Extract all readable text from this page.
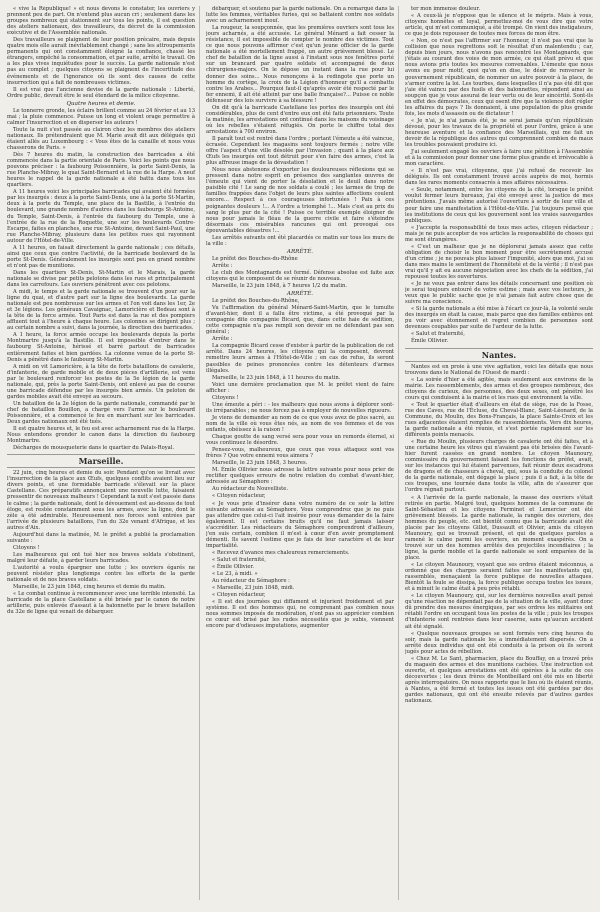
« vive la République! » et nous devons le constater, les ouvriers y prennent peu de part. On n'entend plus aucun cri ; seulement dans les groupes nombreux qui stationnent sur tous les points, il est question des ateliers nationaux, des travailleurs, du décret de la commission exécutive et de l'Assemblée nationale.

Des travailleurs se plaignent de leur position précaire, mais depuis quatre mois elle aurait inévitablement changé ; sans les attroupements permanents qui ont constamment éloigné la confiance, chassé les étrangers, empêché la consommation, et par suite, arrêté le travail. On a les plus vives inquiétudes pour le succès. La garde nationale n'est pas au complet ; quelques citoyens se plaignent de l'incertitude des événements et de l'ignorance où ils sont des causes de cette insurrection qui a fait de nombreuses victimes.

Il est vrai que l'ancienne devise de la garde nationale : Liberté, Ordre public, devrait être le seul étendard de la milice citoyenne.

Quatre heures et demie.

Le tonnerre gronde, les éclairs brillent comme au 24 février et au 13 mai ; la pluie commence. Puisse un long et violent orage permettre à calmer l'insurrection et en disperser les auteurs !

Toute la nuit s'est passée au clairon chez les membres des ateliers nationaux. Ils prétendraient que M. Marie avait dit aux délégués qui étaient allés au Luxembourg : « Vous êtes de la canaille et nous vous chasserons de Paris. »

Dès 7 heures du matin, la construction des barricades a été commencée dans la partie orientale de Paris. Voici les points que nous pouvons préciser : la faubourg Poissonnière, la porte Saint-Denis, la rue Planche-Mibray, le quai Saint-Bernard et la rue de la Harpe. A neuf heures le rappel de la garde nationale a été battu dans tous les quartiers.

A 11 heures voici les principales barricades qui avaient été formées par les insurgés : deux à la porte Saint-Denis, une à la porte St-Martin, deux à la porte du Temple, une place de la Bastille, à l'entrée du boulevard, une grande nombre d'autres dans les faubourgs St-Antoine, du Temple, Saint-Denis, à l'entrée du faubourg du Temple, une à l'entrée de la rue de la Roquette, une sur les boulevards Contre-Escarpe, faites en planches, une rue St-Antoine, devant Saint-Paul, une rue Planche-Mibray, plusieurs dans les petites rues qui rayonnent autour de l'Hôtel-de-Ville.

A 11 heures, on faisait directement la garde nationale ; ces détails, ainsi que ceux que contre l'activité, de la barricade boulevard de la porte St-Denis. Généralement les insurgés sont peu en grand nombre et n'ont pas de munitions.

Dans les quartiers St-Denis, St-Martin et le Marais, la garde nationale se divise par petits pelotons dans les rues et principalement dans les carrefours. Les ouvriers pénètrent avec ces pelotons.

A midi, le temps et la garde nationale se trouvent d'un pour sur la ligne du quai, et d'autre part sur la ligne des boulevards. La garde nationale est peu nombreuse sur les armes et l'on voit dans les 1er, 2e et 3e légions. Les généraux Cavaignac, Lamoricière et Bedeau sont à la tête de la force armée. Tout Paris est dans la rue et des pompiers affluent tout à l'heure à chaque heure. Les colonnes se dirigent plus ; au certain nombre a suivi, dans la journée, la direction des barricades.

A 1 heure, la force armée occupe les boulevards depuis la porte Montmartre jusqu'à la Bastille. Il est impossible d'entrer dans le faubourg St-Antoine, hérissé et barré partout de barricades entièrement faites et bien gardées. La colonne venue de la porte St-Denis a pénétré dans le faubourg St-Martin.

A midi on vit Lamoricière, à la tête de forts bataillons de cavalerie, d'infanterie, de garde mobile et de deux pièces d'artillerie, est venu par le boulevard renforcer les postes de la 5e légion de la garde nationale, qui, près la porte Saint-Denis, ont enlevé au pas de course une barricade défendue par les insurgés bien armés. Un peloton de gardes mobiles avait été envoyé au secours.

Un bataillon de la 2e légion de la garde nationale, commandé par le chef de bataillon Bouillon, a chargé vers l'arme sur le boulevard Poissonnière, et a commencé le feu en marchant sur les barricades. Deux gardes nationaux ont été tués.

Il est quatre heures et, le feu est avec acharnement rue de la Harpe. Nous entendons gronder le canon dans la direction du faubourg Montmartre.

Décharges de mousqueterie dans le quartier du Palais-Royal.

Marseille.

22 juin, cinq heures et demie du soir. Pendant qu'on se livrait avec l'insurrection de la place aux Œufs, quelques conflits avaient lieu sur divers points, et une formidable barricade s'élevait sur la place Castellane. Ces préparatifs annonçaient une nouvelle lutte, faisaient pressentir de nouveaux malheurs ! Cependant la nuit s'est passée dans le calme ; la garde nationale, dont le dévouement est au-dessus de tout éloge, est restée constamment sous les armes, avec la ligne, dont le zèle a été admirable. Heureusement nos forces sont entrées par l'arrivée de plusieurs bataillons, l'un du 32e venant d'Afrique, et les autres d'Aix.

Aujourd'hui dans la matinée, M. le préfet a publié la proclamation suivante :

Citoyens !

Les malheureux qui ont tué hier nos braves soldats s'obstinent, malgré leur défaite, à garder leurs barricades.

L'autorité a voulu épargner une lutte ; les ouvriers égarés ne peuvent résister plus longtemps contre les efforts de la garde nationale et de nos braves soldats.

Marseille, le 23 juin 1848, cinq heures et demie du matin.

« Le combat continue à recommencer avec une terrible intensité. La barricade de la place Castellane a été brisée par le canon de notre artillerie, puis enlevée d'assaut à la baïonnette par le brave bataillon du 32e de ligne qui venait de débarquer.

débarquer, et soutenu par la garde nationale. On a remarqué dans la lutte les femmes, véritables furies, qui se battaient contre nos soldats avec un acharnement inouï.

La rougeur, la soupçonnée, que les premières ouvriers sont tous les jours acharnés, a été accusée. Le général Ménard a fait cesser la résistance, il est impossible de compter le nombre des victimes. Tout ce que nous pouvons affirmer c'est qu'un jeune officier de la garde nationale a été mortellement frappé, un autre grièvement blessé. Le chef de bataillon de la ligne aussi à l'instant sous nos fenêtres porté sur un brancard par quatre soldats et accompagné de deux chirurgiens-majors. On le dépose un instant dans la rue pour lui donner des soins... Nous renonçons à la redingote que porte un homme du cortège, la croix de la Légion d'honneur qu'il a combattu contre les Arabes... Pourquoi faut-il qu'après avoir été respecté par le fer ennemi, il ait été atteint par une balle française?... Puisse ce noble défenseur des lois survivre à sa blessure !

On dit qu'à la barricade Castellane les portes des insurgés ont été considérables, plus de cent d'entre eux ont été faits prisonniers. Toute la matinée, les arrestations ont continué dans les maisons du voisinage où les rebelles s'étaient réfugiés. On porte le chiffre total des arrestations à 700 environ.

Il paraît tout est rentré dans l'ordre ; portant l'émeute a été vaincue, écrasée. Cependant les magasins sont toujours fermés ; notre ville offre l'aspect d'une ville désolée par l'invasion ; quant à la place aux Œufs les insurgés ont tout détruit pour s'en faire des armes, c'est la plus affreuse image de la dévastation !

Nous nous abstenons d'exporter les douloureuses réflexions qui se pressent dans notre esprit en présence des sanglantes œuvres de l'émeute qui vient de porter la désolation et le deuil dans notre paisible cité ! Le sang de nos soldats a coulé ; les larmes de trop de familles frappées dans l'objet de leurs plus saintes affections coulent encore... Respect à ces courageuses infortunées ! Paix à ces poignantes douleurs !... A l'ordre a triomphé !... Mais c'est au prix du sang le plus pur de la cité ! Puisse ce terrible exemple éloigner de nous pour jamais le fléau de la guerre civile et faire s'éteindre désormais ces misérables rancunes qui ont provoqué ces épouvantables désastres !...

Les arrêtés suivants ont été placardés ce matin sur tous les murs de la ville :

ARRÊTÉ.

Le préfet des Bouches-du-Rhône

Arrête :

Le club des Montagnards est fermé. Défense absolue est faite aux citoyens qui le composent de se réunir de nouveau.

Marseille, le 23 juin 1848, à 7 heures 1/2 du matin.

ARRÊTÉ.

Le préfet des Bouches-du-Rhône,

Vu l'affirmation du général Ménard-Saint-Martin, que le tumulte d'avant-hier, dont il a fallu être victime, a été provoqué par la compagnie dite compagnie Bicard, que, dans cette haie de sédition, cette compagnie n'a pas rempli son devoir en ne défendant pas son général ;

Arrête :

La compagnie Bicard cesse d'exister à partir de la publication de cet arrêté. Dans 24 heures, les citoyens qui la composent, devront remettre leurs armes à l'Hôtel-de-Ville ; en cas de refus, ils seront passibles de peines prononcées contre les détenteurs d'armes illégales.

Marseille, le 23 juin 1848, à 11 heures du matin.

Voici une dernière proclamation que M. le préfet vient de faire afficher :

Citoyens !

Une émeute a péri : - les malheurs que nous avons à déplorer sont-ils irréparables ; ne nous forcez pas à employer de nouvelles rigueurs.

Je viens de demander au nom de ce que vous avez de plus sacré, au nom de la ville où vous êtes nés, au nom de vos femmes et de vos enfants, obéissez à la raison !

Chaque goutte de sang versé sera pour vous un remords éternel, si vous continuez le désordre.

Pensez-vous, malheureux, que ceux que vous attaquez sont vos frères ? Que votre ennemi vous aimera ?

Marseille, le 23 juin 1848, 3 heures.

M. Émile Ollivier nous adresse la lettre suivante pour nous prier de rectifier quelques erreurs de notre relation du combat d'avant-hier, adressée au Sémaphore :

Au rédacteur du Nouvelliste.

« Citoyen rédacteur,

« Je vous prie d'insérer dans votre numéro de ce soir la lettre suivante adressée au Sémaphore. Vous comprendrez que je ne puis pas attendre que celui-ci l'ait insérée pour vous demander de la faire également. Il est certains bruits qu'il ne faut jamais laisser s'accréditer. Les rédacteurs du Sémaphore comprendront d'ailleurs, j'en suis certain, combien il m'est à cœur d'en avoir promptement démenti. Ils savent l'estime que je fais de leur caractère et de leur impartialité.

« Recevez d'avance mes chaleureux remerciements.

« Salut et fraternité,

« Émile Ollivier.

« Le 23, à midi. »

Au rédacteur du Sémaphore :

« Marseille, 23 juin 1848, midi.

« Citoyen rédacteur,

« Il est des journées qui diffament et injurient froidement et par système. Il est des hommes qui, ne comprenant pas combien nous nous sommes imposés de modération, n'ont pas su apprécier combien ce cœur est brisé par les rudes nécessités que je subis, viennent encore par d'odieuses imputations, augmenter

ter mon immense douleur.

« A ceux-là je n'oppose que le silence et le mépris. Mais à vous, citoyens honnêtes et loyal, permettez-moi de vous dire que votre article, qui m'est communiqué, a été trompé. On vient des instigateurs, ce que je dois repousser de toutes mes forces de mon être.

« Non, ce n'est pas l'affirmer sur l'honneur, il n'est pas vrai que la collision que nous regrettons soit le résultat d'un malentendu ; car, depuis bien jours, nous n'avons pas rencontré les Montagnards, que j'étais au courant des voies de mon armée, ce qui était prévu et que nous avions pris toutes les mesures convenables. L'émeute que nous avons eu pour motif, quoi qu'on en dise, le désir de renverser le gouvernement républicain, de nommer un autre pouvoir à la place, de s'armer contre la loi. Les tourbes, dans lesquelles il n'a pas été dit que j'aie été vaincu par des fusils et des baïonnettes, répondent ainsi au soupçon que je vous assurai de leur vertu ou de leur sincérité. Sont-ils en effet des démocrates, ceux qui osent dire que la violence doit régler les affaires du pays ? Ils donnaient, à une population de plus grande fois, les mots d'assassin ou de dictateur !

« Je n'ai, je n'ai jamais été, je ne serai jamais qu'un républicain dévoué, pour les travaux de la propriété et pour l'ordre, grâce à une heureuse aventure et la confiance des Marseillais, qui me fait un devoir de la république des autres qui comprennent combien de maux les troubles pouvaient produire ici.

J'ai seulement engagé les ouvriers à faire une pétition à l'Assemblée et à la commission pour donner une forme plus grande et irrévocable à mon caractère.

« Il n'est pas vrai, citoyenne, que j'ai refusé de recevoir les délégués. Ils ont constamment trouvé accès auprès de moi, hormis dans les rares moments consacrés à mes affaires nécessaires.

« Seule, notamment, entre les citoyens de la cité, lorsque le préfet voulut fermer leurs bureaux, j'ai été envoyé avec la justice de mes prétentions. J'avais même autorisé l'ouverture à sortir de leur ville et pour faire une manifestation à l'Hôtel-de-Ville. J'ai toujours pensé que les institutions de ceux qui les gouvernent sont les vraies sauvegardes publiques.

« J'accepte la responsabilité de tous mes actes, citoyen rédacteur ; mais je ne puis accepter de vos articles la responsabilité de choses qui me sont étrangères.

« C'est un malheur que je ne déplorerai jamais assez que cette obligation de choisir le bon moment pour être secrètement accusé d'un crime ; je ne pouvais plus laisser l'impunité, alors que moi, j'ai su dans mes mains le sentiment de l'honnêteté et de la vérité ; il n'est pas vrai qu'il y ait eu aucune négociation avec les chefs de la sédition, j'ai repoussé toutes les ouvertures.

« Je ne veux pas entrer dans les détails concernant une position où je serai toujours entouré de votre estime ; mais avec vos lecteurs, je veux que le public sache que je n'ai jamais fait autre chose que de suivre ma conscience.

« Si la garde nationale a été mise à l'écart ce jour-là, la volonté seule des insurgés en était la cause, mais parce que des familles entières ont pu voir avec étonnement et regret combien de personnes sont devenues coupables par suite de l'ardeur de la lutte.

« Salut et fraternité,

Émile Ollivier.

Nantes.

Nantes est en proie à une vive agitation, voici les détails que nous trouvons dans le National de l'Ouest de mardi :

« La soirée d'hier a été agitée, mais seulement aux environs de la mairie. Les rassemblements, des armes et des groupes nombreux, des citoyens de curieux, des personnes, des deux sexes, ont pénétré les cours qui conduisent à la mairie et les rues qui environnent la ville.

« Tout le quartier était d'ailleurs en état de siège, rue de la Fosse, rue des Caves, rue de l'Écluse, du Cheval-Blanc, Saint-Léonard, de la Commune, du Moulin, des Bons-Français, la place Sainte-Croix et les rues adjacentes étaient remplies de rassemblements. Vers dix heures, la garde nationale a été réunie, et s'est portée rapidement sur les différents points menacés.

« Rue du Moulin, plusieurs charges de cavalerie ont été faites, et à une certaine heure les vitres qui n'avaient pas été brisées dès l'avant-hier furent cassées en grand nombre. Le citoyen Maunoury, commissaire du gouvernement faisant les fonctions de préfet, avait, sur les instances qui lui étaient parvenues, fait réunir deux escadrons de dragons et de chasseurs à cheval, qui, sous la conduite du colonel de la garde nationale, ont dégagé la place ; puis il a fait, à la tête de ces troupes, une tournée dans toute la ville, afin de s'assurer que l'ordre régnait partout.

« A l'arrivée de la garde nationale, la masse des ouvriers s'était retirée en partie. Malgré tout, quelques hommes de la commune de Saint-Sébastien et les citoyens Ferminet et Lemercier ont été grièvement blessés. La garde nationale, la rangée des ouvriers, des hommes du peuple, etc. ont bientôt connu que la barricade avait été placée par les citoyens Gillot, Dussault et Olivier, amis du citoyen Maunoury, qui se trouvait présent, et qui de quelques paroles a ramené le calme parmi les ouvriers, un moment exaspérés. On a trouvé sur un des hommes arrêtés des projectiles incendiaires ; la ligne, la garde mobile et la garde nationale se sont emparées de la place.

« Le citoyen Maunoury, voyant que ses ordres étaient méconnus, a ordonné que des charges seraient faites sur les manifestants qui, rassemblés, menaçaient la force publique de nouvelles attaques. Bientôt la foule se dissipa, la force publique occupa toutes les issues, et à minuit le calme était à peu près rétabli.

« Le citoyen Maunoury, qui, sur les dernières nouvelles avait pensé qu'une réaction ne dépendait pas de la situation de la ville, ayant donc dû prendre des mesures énergiques, par ses ordres les militaires ont rétabli l'ordre en occupant tous les postes de la ville ; puis les troupes d'infanterie sont rentrées dans leur caserne, sans qu'aucun accident ait été signalé.

« Quelque nouveaux groupes se sont formés vers cinq heures du soir, mais la garde nationale les a immédiatement dispersés. On a arrêté deux individus qui ont été conduits à la prison où ils seront jugés pour actes de rébellion.

« Chez M. Le Sant, pharmacien, place du Bouffay, on a trouvé près du magasin des armes et des munitions cachées. Une instruction est ouverte, et quelques arrestations ont été opérées à la suite de ces découvertes ; les deux frères de Montbeillard ont été mis en liberté après interrogatoire. On nous rapporte que le lieu où ils étaient réunis, à Nantes, a été fermé et toutes les issues ont été gardées par des gardes nationaux, qui ont été ensuite relevés par d'autres gardes nationaux.
